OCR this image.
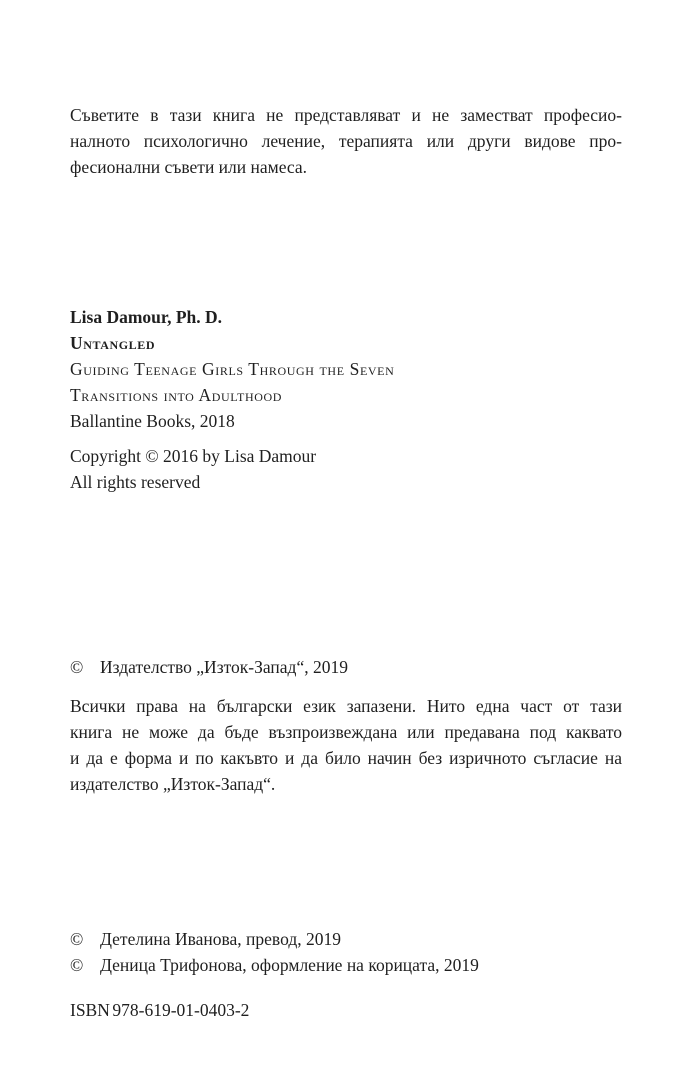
Съветите в тази книга не представляват и не заместват професио-
налното психологично лечение, терапията или други видове про-
фесионални съвети или намеса.
Lisa Damour, Ph. D.
Untangled
Guiding Teenage Girls Through the Seven
Transitions into Adulthood
Ballantine Books, 2018
Copyright © 2016 by Lisa Damour
All rights reserved
© Издателство „Изток-Запад“, 2019
Всички права на български език запазени. Нито една част от тази
книга не може да бъде възпроизвеждана или предавана под каквато
и да е форма и по какъвто и да било начин без изричното съгласие на
издателство „Изток-Запад“.
© Детелина Иванова, превод, 2019
© Деница Трифонова, оформление на корицата, 2019
ISBN 978-619-01-0403-2
